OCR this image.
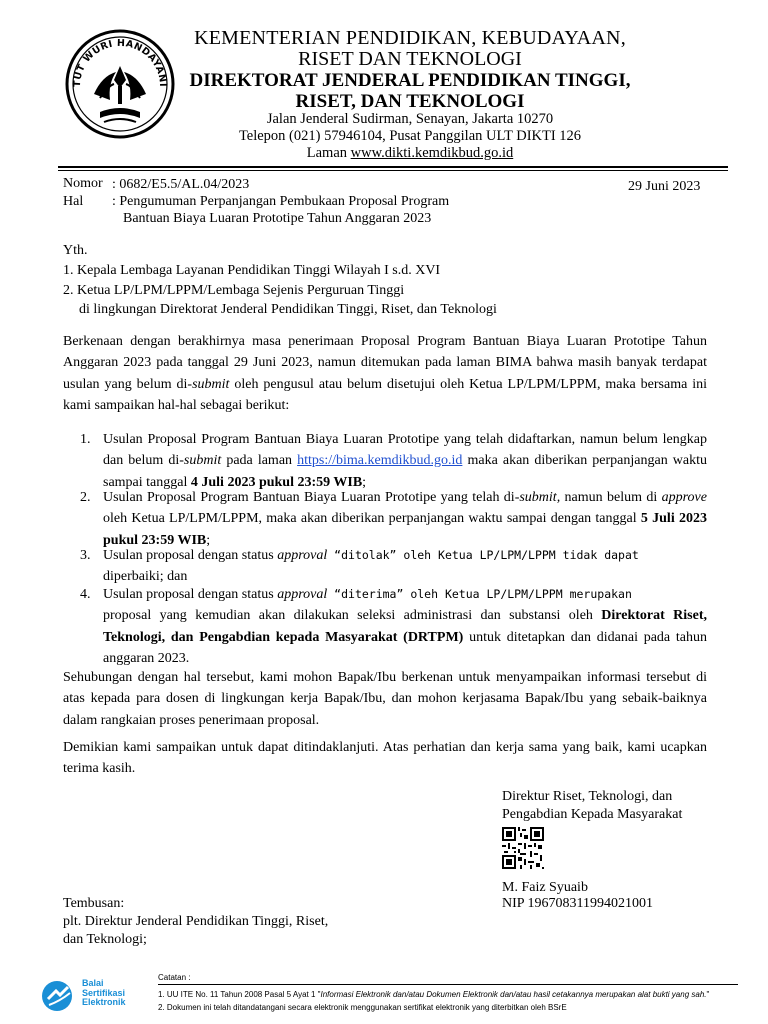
TUT WURI HANDAYANI
KEMENTERIAN PENDIDIKAN, KEBUDAYAAN,
RISET DAN TEKNOLOGI
DIREKTORAT JENDERAL PENDIDIKAN TINGGI,
RISET, DAN TEKNOLOGI
Jalan Jenderal Sudirman, Senayan, Jakarta 10270
Telepon (021) 57946104, Pusat Panggilan ULT DIKTI 126
Laman www.dikti.kemdikbud.go.id
Nomor : 0682/E5.5/AL.04/2023	29 Juni 2023
Hal : Pengumuman Perpanjangan Pembukaan Proposal Program
Bantuan Biaya Luaran Prototipe Tahun Anggaran 2023
Yth.
1. Kepala Lembaga Layanan Pendidikan Tinggi Wilayah I s.d. XVI
2. Ketua LP/LPM/LPPM/Lembaga Sejenis Perguruan Tinggi
di lingkungan Direktorat Jenderal Pendidikan Tinggi, Riset, dan Teknologi
Berkenaan dengan berakhirnya masa penerimaan Proposal Program Bantuan Biaya Luaran Prototipe Tahun Anggaran 2023 pada tanggal 29 Juni 2023, namun ditemukan pada laman BIMA bahwa masih banyak terdapat usulan yang belum di-submit oleh pengusul atau belum disetujui oleh Ketua LP/LPM/LPPM, maka bersama ini kami sampaikan hal-hal sebagai berikut:
1. Usulan Proposal Program Bantuan Biaya Luaran Prototipe yang telah didaftarkan, namun belum lengkap dan belum di-submit pada laman https://bima.kemdikbud.go.id maka akan diberikan perpanjangan waktu sampai tanggal 4 Juli 2023 pukul 23:59 WIB;
2. Usulan Proposal Program Bantuan Biaya Luaran Prototipe yang telah di-submit, namun belum di approve oleh Ketua LP/LPM/LPPM, maka akan diberikan perpanjangan waktu sampai dengan tanggal 5 Juli 2023 pukul 23:59 WIB;
3. Usulan proposal dengan status approval “ditolak” oleh Ketua LP/LPM/LPPM tidak dapat
diperbaiki; dan
4. Usulan proposal dengan status approval “diterima” oleh Ketua LP/LPM/LPPM merupakan
proposal yang kemudian akan dilakukan seleksi administrasi dan substansi oleh Direktorat Riset, Teknologi, dan Pengabdian kepada Masyarakat (DRTPM) untuk ditetapkan dan didanai pada tahun anggaran 2023.
Sehubungan dengan hal tersebut, kami mohon Bapak/Ibu berkenan untuk menyampaikan informasi tersebut di atas kepada para dosen di lingkungan kerja Bapak/Ibu, dan mohon kerjasama Bapak/Ibu yang sebaik-baiknya dalam rangkaian proses penerimaan proposal.
Demikian kami sampaikan untuk dapat ditindaklanjuti. Atas perhatian dan kerja sama yang baik, kami ucapkan terima kasih.
Direktur Riset, Teknologi, dan
Pengabdian Kepada Masyarakat
M. Faiz Syuaib
NIP 196708311994021001
Tembusan:
plt. Direktur Jenderal Pendidikan Tinggi, Riset,
dan Teknologi;
Balai
Sertifikasi
Elektronik
Catatan :
1. UU ITE No. 11 Tahun 2008 Pasal 5 Ayat 1 "Informasi Elektronik dan/atau Dokumen Elektronik dan/atau hasil cetakannya merupakan alat bukti yang sah."
2. Dokumen ini telah ditandatangani secara elektronik menggunakan sertifikat elektronik yang diterbitkan oleh BSrE
